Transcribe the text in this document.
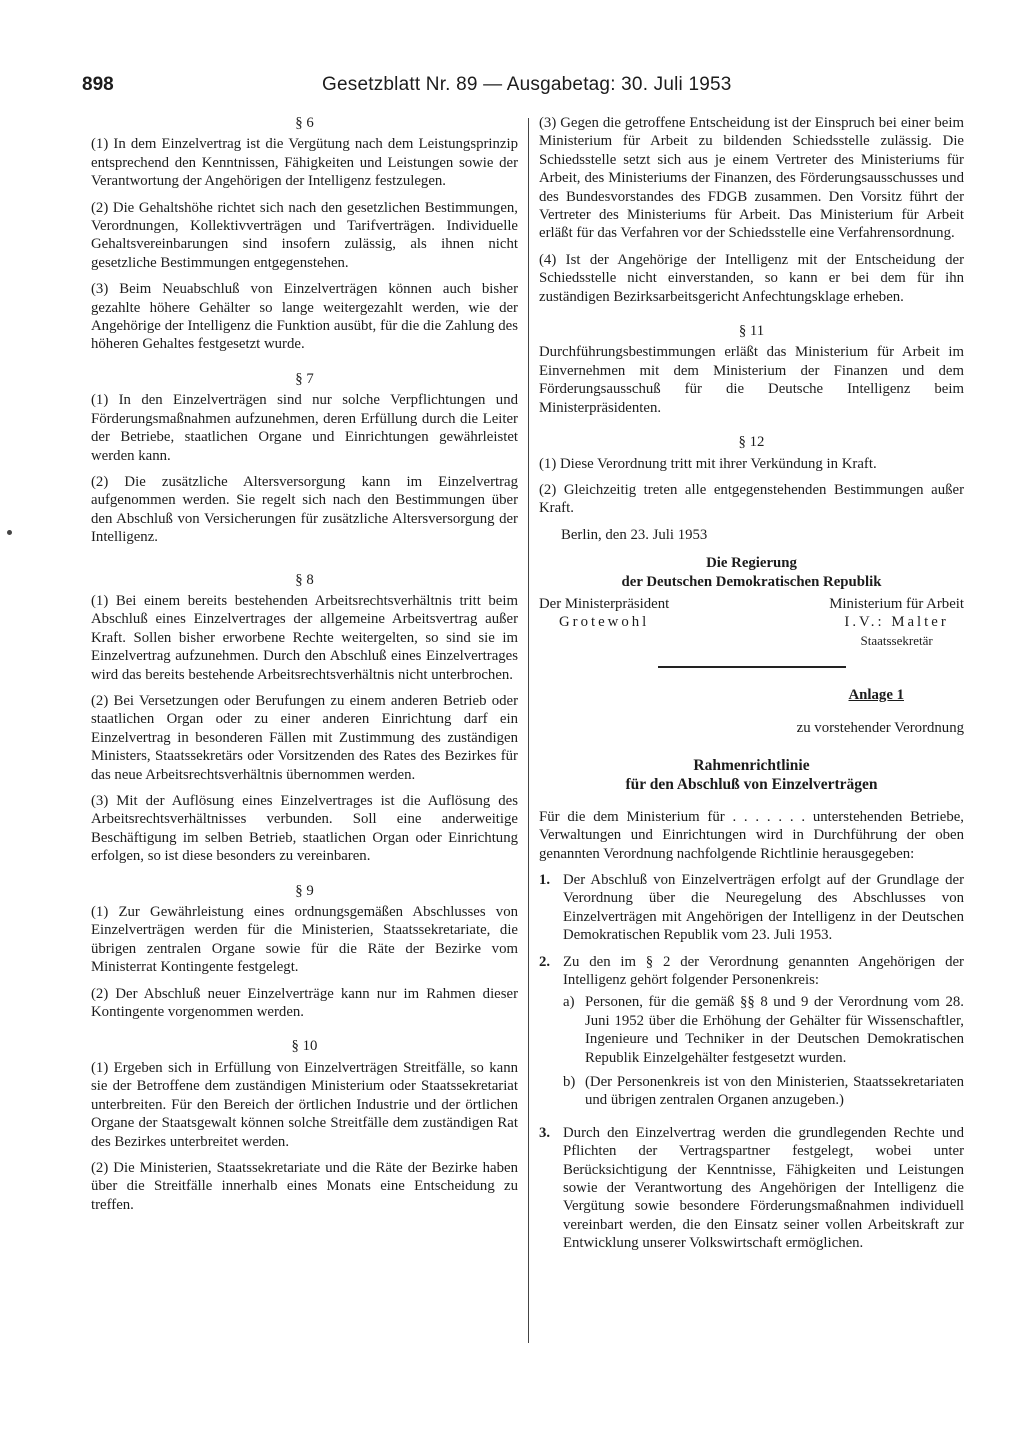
898	Gesetzblatt Nr. 89 — Ausgabetag: 30. Juli 1953

§ 6

(1) In dem Einzelvertrag ist die Vergütung nach dem Leistungsprinzip entsprechend den Kenntnissen, Fähigkeiten und Leistungen sowie der Verantwortung der Angehörigen der Intelligenz festzulegen.

(2) Die Gehaltshöhe richtet sich nach den gesetzlichen Bestimmungen, Verordnungen, Kollektivverträgen und Tarifverträgen. Individuelle Gehaltsvereinbarungen sind insofern zulässig, als ihnen nicht gesetzliche Bestimmungen entgegenstehen.

(3) Beim Neuabschluß von Einzelverträgen können auch bisher gezahlte höhere Gehälter so lange weitergezahlt werden, wie der Angehörige der Intelligenz die Funktion ausübt, für die die Zahlung des höheren Gehaltes festgesetzt wurde.

§ 7

(1) In den Einzelverträgen sind nur solche Verpflichtungen und Förderungsmaßnahmen aufzunehmen, deren Erfüllung durch die Leiter der Betriebe, staatlichen Organe und Einrichtungen gewährleistet werden kann.

(2) Die zusätzliche Altersversorgung kann im Einzelvertrag aufgenommen werden. Sie regelt sich nach den Bestimmungen über den Abschluß von Versicherungen für zusätzliche Altersversorgung der Intelligenz.

§ 8

(1) Bei einem bereits bestehenden Arbeitsrechtsverhältnis tritt beim Abschluß eines Einzelvertrages der allgemeine Arbeitsvertrag außer Kraft. Sollen bisher erworbene Rechte weitergelten, so sind sie im Einzelvertrag aufzunehmen. Durch den Abschluß eines Einzelvertrages wird das bereits bestehende Arbeitsrechtsverhältnis nicht unterbrochen.

(2) Bei Versetzungen oder Berufungen zu einem anderen Betrieb oder staatlichen Organ oder zu einer anderen Einrichtung darf ein Einzelvertrag in besonderen Fällen mit Zustimmung des zuständigen Ministers, Staatssekretärs oder Vorsitzenden des Rates des Bezirkes für das neue Arbeitsrechtsverhältnis übernommen werden.

(3) Mit der Auflösung eines Einzelvertrages ist die Auflösung des Arbeitsrechtsverhältnisses verbunden. Soll eine anderweitige Beschäftigung im selben Betrieb, staatlichen Organ oder Einrichtung erfolgen, so ist diese besonders zu vereinbaren.

§ 9

(1) Zur Gewährleistung eines ordnungsgemäßen Abschlusses von Einzelverträgen werden für die Ministerien, Staatssekretariate, die übrigen zentralen Organe sowie für die Räte der Bezirke vom Ministerrat Kontingente festgelegt.

(2) Der Abschluß neuer Einzelverträge kann nur im Rahmen dieser Kontingente vorgenommen werden.

§ 10

(1) Ergeben sich in Erfüllung von Einzelverträgen Streitfälle, so kann sie der Betroffene dem zuständigen Ministerium oder Staatssekretariat unterbreiten. Für den Bereich der örtlichen Industrie und der örtlichen Organe der Staatsgewalt können solche Streitfälle dem zuständigen Rat des Bezirkes unterbreitet werden.

(2) Die Ministerien, Staatssekretariate und die Räte der Bezirke haben über die Streitfälle innerhalb eines Monats eine Entscheidung zu treffen.

(3) Gegen die getroffene Entscheidung ist der Einspruch bei einer beim Ministerium für Arbeit zu bildenden Schiedsstelle zulässig. Die Schiedsstelle setzt sich aus je einem Vertreter des Ministeriums für Arbeit, des Ministeriums der Finanzen, des Förderungsausschusses und des Bundesvorstandes des FDGB zusammen. Den Vorsitz führt der Vertreter des Ministeriums für Arbeit. Das Ministerium für Arbeit erläßt für das Verfahren vor der Schiedsstelle eine Verfahrensordnung.

(4) Ist der Angehörige der Intelligenz mit der Entscheidung der Schiedsstelle nicht einverstanden, so kann er bei dem für ihn zuständigen Bezirksarbeitsgericht Anfechtungsklage erheben.

§ 11

Durchführungsbestimmungen erläßt das Ministerium für Arbeit im Einvernehmen mit dem Ministerium der Finanzen und dem Förderungsausschuß für die Deutsche Intelligenz beim Ministerpräsidenten.

§ 12

(1) Diese Verordnung tritt mit ihrer Verkündung in Kraft.

(2) Gleichzeitig treten alle entgegenstehenden Bestimmungen außer Kraft.

Berlin, den 23. Juli 1953

Die Regierung

der Deutschen Demokratischen Republik

Der Ministerpräsident
Grotewohl
Ministerium für Arbeit
I.V.: Malter
Staatssekretär

Anlage 1

zu vorstehender Verordnung

Rahmenrichtlinie

für den Abschluß von Einzelverträgen

Für die dem Ministerium für . . . . . . . unterstehenden Betriebe, Verwaltungen und Einrichtungen wird in Durchführung der oben genannten Verordnung nachfolgende Richtlinie herausgegeben:

1. Der Abschluß von Einzelverträgen erfolgt auf der Grundlage der Verordnung über die Neuregelung des Abschlusses von Einzelverträgen mit Angehörigen der Intelligenz in der Deutschen Demokratischen Republik vom 23. Juli 1953.
2. Zu den im § 2 der Verordnung genannten Angehörigen der Intelligenz gehört folgender Personenkreis:
a) Personen, für die gemäß §§ 8 und 9 der Verordnung vom 28. Juni 1952 über die Erhöhung der Gehälter für Wissenschaftler, Ingenieure und Techniker in der Deutschen Demokratischen Republik Einzelgehälter festgesetzt wurden.
b) (Der Personenkreis ist von den Ministerien, Staatssekretariaten und übrigen zentralen Organen anzugeben.)
3. Durch den Einzelvertrag werden die grundlegenden Rechte und Pflichten der Vertragspartner festgelegt, wobei unter Berücksichtigung der Kenntnisse, Fähigkeiten und Leistungen sowie der Verantwortung des Angehörigen der Intelligenz die Vergütung sowie besondere Förderungsmaßnahmen individuell vereinbart werden, die den Einsatz seiner vollen Arbeitskraft zur Entwicklung unserer Volkswirtschaft ermöglichen.
